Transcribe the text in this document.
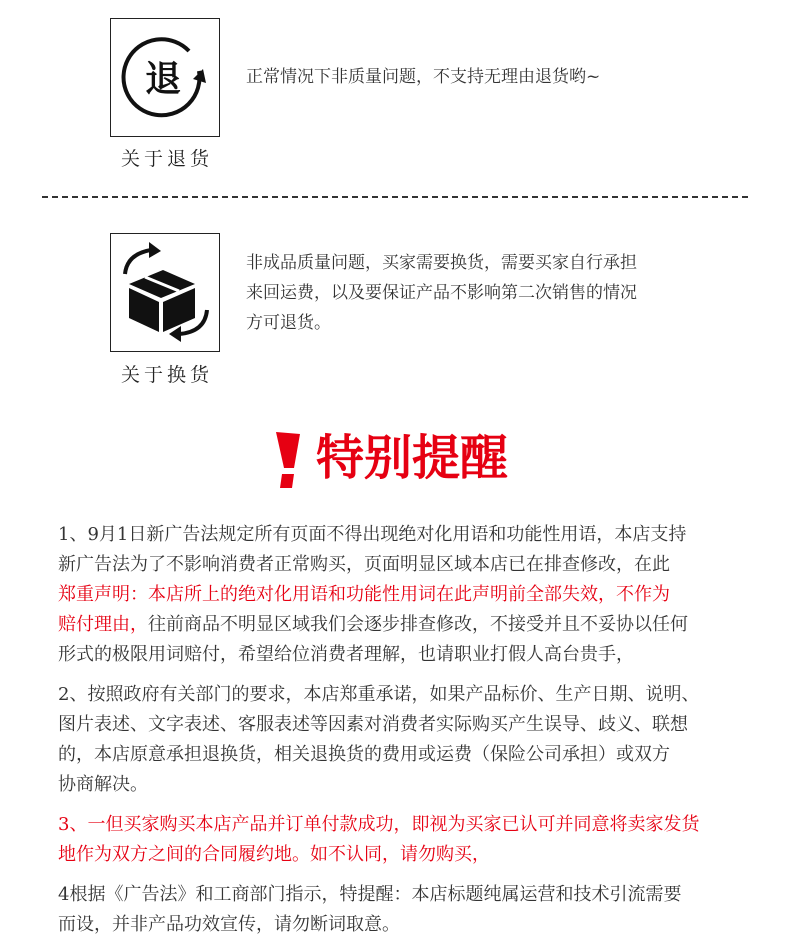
退
关于退货
正常情况下非质量问题，不支持无理由退货哟~
关于换货
非成品质量问题，买家需要换货，需要买家自行承担
来回运费，以及要保证产品不影响第二次销售的情况
方可退货。
特别提醒
1、9月1日新广告法规定所有页面不得出现绝对化用语和功能性用语，本店支持
新广告法为了不影响消费者正常购买，页面明显区域本店已在排查修改，在此
郑重声明：本店所上的绝对化用语和功能性用词在此声明前全部失效，不作为
赔付理由，往前商品不明显区域我们会逐步排查修改，不接受并且不妥协以任何
形式的极限用词赔付，希望给位消费者理解，也请职业打假人高台贵手，
2、按照政府有关部门的要求，本店郑重承诺，如果产品标价、生产日期、说明、
图片表述、文字表述、客服表述等因素对消费者实际购买产生误导、歧义、联想
的，本店原意承担退换货，相关退换货的费用或运费（保险公司承担）或双方
协商解决。
3、一但买家购买本店产品并订单付款成功，即视为买家已认可并同意将卖家发货
地作为双方之间的合同履约地。如不认同，请勿购买，
4根据《广告法》和工商部门指示，特提醒：本店标题纯属运营和技术引流需要
而设，并非产品功效宣传，请勿断词取意。
